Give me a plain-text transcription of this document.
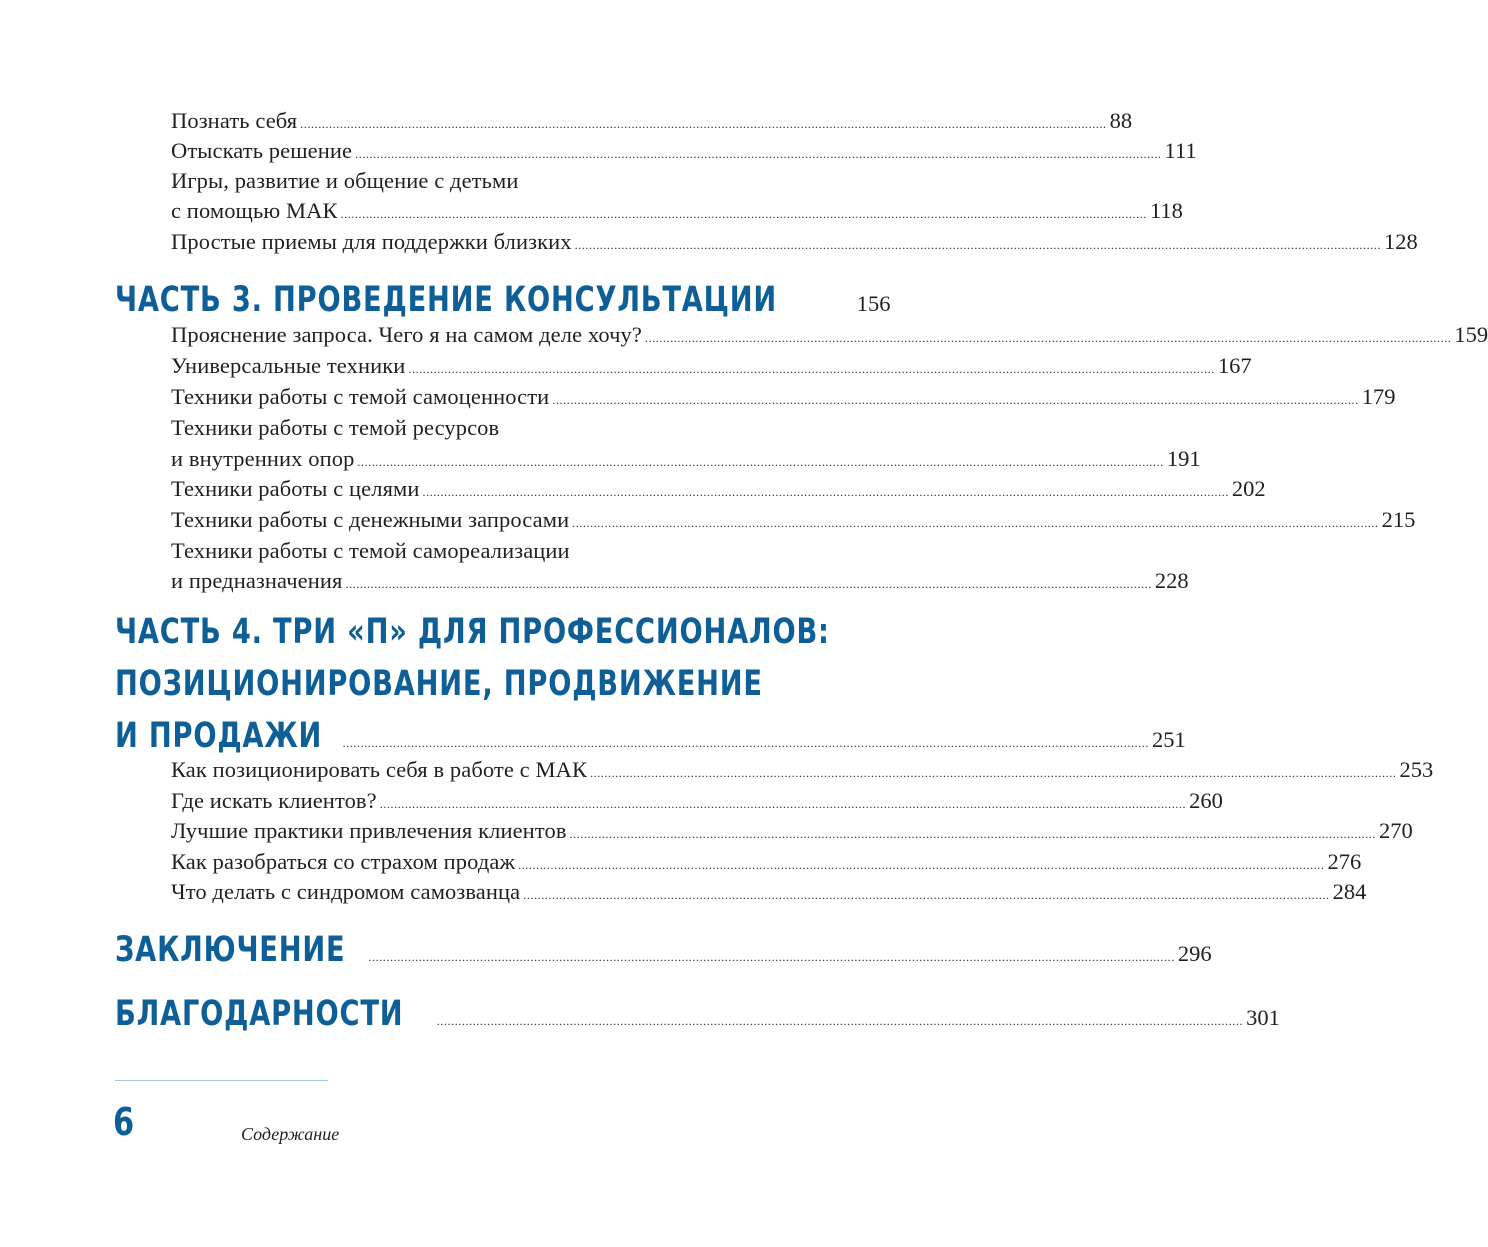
Познать себя ................................................................................................................................................................................................................................ 88
Отыскать решение ................................................................................................................................................................................................................................ 111
Игры, развитие и общение с детьми
с помощью МАК ................................................................................................................................................................................................................................ 118
Простые приемы для поддержки близких ................................................................................................................................................................................................................................ 128
ЧАСТЬ 3. ПРОВЕДЕНИЕ КОНСУЛЬТАЦИИ	156
Прояснение запроса. Чего я на самом деле хочу? ................................................................................................................................................................................................................................ 159
Универсальные техники ................................................................................................................................................................................................................................ 167
Техники работы с темой самоценности ................................................................................................................................................................................................................................ 179
Техники работы с темой ресурсов
и внутренних опор ................................................................................................................................................................................................................................ 191
Техники работы с целями ................................................................................................................................................................................................................................ 202
Техники работы с денежными запросами ................................................................................................................................................................................................................................ 215
Техники работы с темой самореализации
и предназначения ................................................................................................................................................................................................................................ 228
ЧАСТЬ 4. ТРИ «П» ДЛЯ ПРОФЕССИОНАЛОВ:
ПОЗИЦИОНИРОВАНИЕ, ПРОДВИЖЕНИЕ
И ПРОДАЖИ ................................................................................................................................................................................................................................ 251
Как позиционировать себя в работе с МАК ................................................................................................................................................................................................................................ 253
Где искать клиентов? ................................................................................................................................................................................................................................ 260
Лучшие практики привлечения клиентов ................................................................................................................................................................................................................................ 270
Как разобраться со страхом продаж ................................................................................................................................................................................................................................ 276
Что делать с синдромом самозванца ................................................................................................................................................................................................................................ 284
ЗАКЛЮЧЕНИЕ ................................................................................................................................................................................................................................ 296
БЛАГОДАРНОСТИ	................................................................................................................................................................................................................................ 301
6	Содержание
